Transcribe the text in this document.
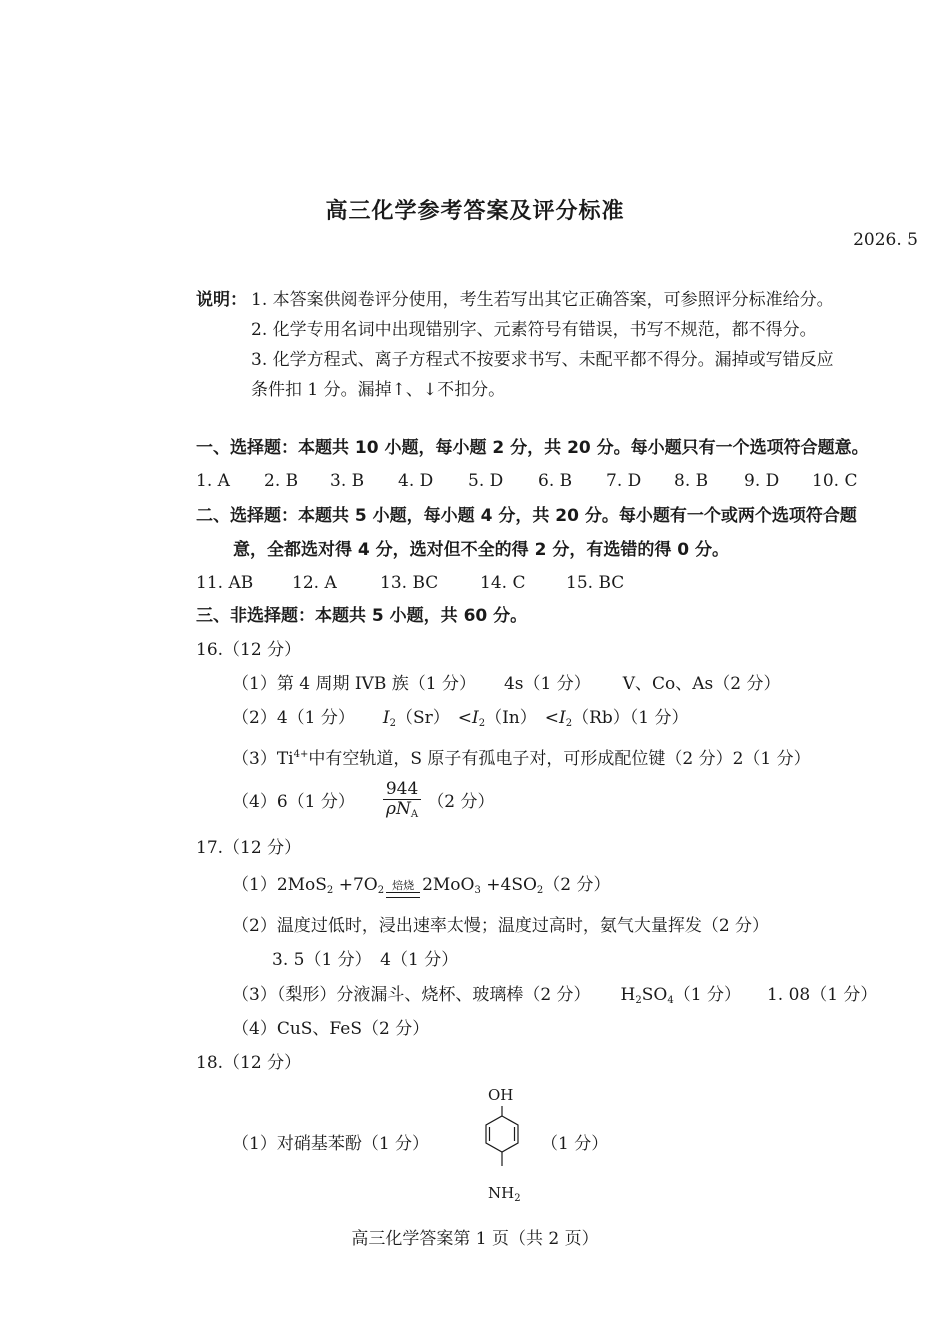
高三化学参考答案及评分标准
2026. 5
说明： 1. 本答案供阅卷评分使用，考生若写出其它正确答案，可参照评分标准给分。
2. 化学专用名词中出现错别字、元素符号有错误，书写不规范，都不得分。
3. 化学方程式、离子方程式不按要求书写、未配平都不得分。漏掉或写错反应
条件扣 1 分。漏掉↑、↓不扣分。
一、选择题：本题共 10 小题，每小题 2 分，共 20 分。每小题只有一个选项符合题意。
1. A 2. B 3. B 4. D 5. D 6. B 7. D 8. B 9. D 10. C
二、选择题：本题共 5 小题，每小题 4 分，共 20 分。每小题有一个或两个选项符合题
意，全都选对得 4 分，选对但不全的得 2 分，有选错的得 0 分。
11. AB 12. A	13. BC 14. C 15. BC
三、非选择题：本题共 5 小题，共 60 分。
16.（12 分）
（1）第 4 周期 IVB 族（1 分） 4s（1 分） V、Co、As（2 分）
（2）4（1 分） $I_2(Sr) <I_2(In) <I_2(Rb)(1$ 分）
$(3)Ti^{4+}$中有空轨道，S 原子有孤电子对，可形成配位键（2 分）2（1 分）
（4）6（1 分） $\frac{944}{\rho N_A} (2$ 分）
17.（12 分）
$(1)2MoS_2 +7O_2$ 焙烧 $2MoO_3 +4SO_2(2$ 分）
（2）温度过低时，浸出速率太慢；温度过高时，氨气大量挥发（2 分）
3. 5（1 分）　4（1 分）
（3）（梨形）分液漏斗、烧杯、玻璃棒（2 分） $H_2SO_4(1$ 分） 1. 08（1 分）
（4）CuS、FeS（2 分）
18.（12 分）
（1）对硝基苯酚（1 分）
OH
$NH_2$
（1 分）
高三化学答案第 1 页（共 2 页）
